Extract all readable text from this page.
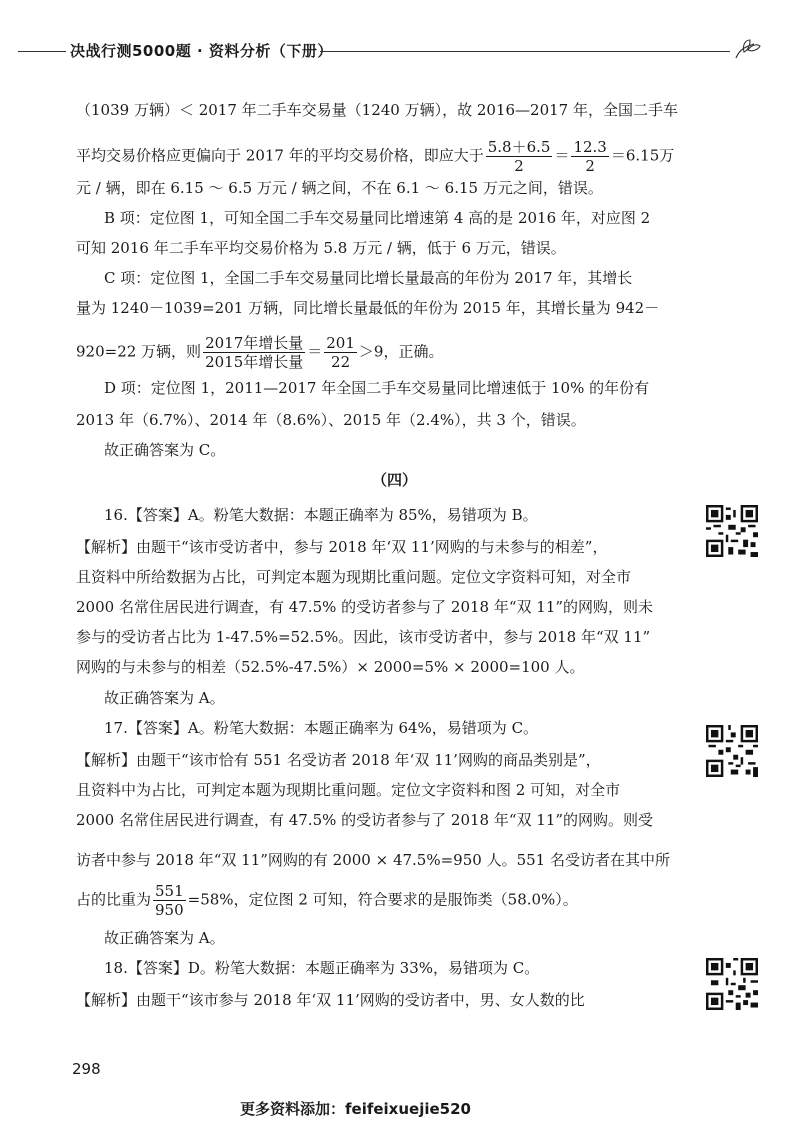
决战行测5000题 · 资料分析（下册）
（1039 万辆）＜ 2017 年二手车交易量（1240 万辆），故 2016—2017 年，全国二手车
平均交易价格应更偏向于 2017 年的平均交易价格，即应大于 $\frac{5.8+6.5}{2} = \frac{12.3}{2} =6.15$万
元 / 辆，即在 6.15 ～ 6.5 万元 / 辆之间，不在 6.1 ～ 6.15 万元之间，错误。
B 项：定位图 1，可知全国二手车交易量同比增速第 4 高的是 2016 年，对应图 2
可知 2016 年二手车平均交易价格为 5.8 万元 / 辆，低于 6 万元，错误。
C 项：定位图 1，全国二手车交易量同比增长量最高的年份为 2017 年，其增长
量为 1240－1039=201 万辆，同比增长量最低的年份为 2015 年，其增长量为 942－
920=22 万辆，则 $\frac{\text{2017年增长量}}{\text{2015年增长量}} = \frac{201}{22} >9$，正确。
D 项：定位图 1，2011—2017 年全国二手车交易量同比增速低于 10% 的年份有
2013 年（6.7%）、2014 年（8.6%）、2015 年（2.4%），共 3 个，错误。
故正确答案为 C。
（四）
16.【答案】A。粉笔大数据：本题正确率为 85%，易错项为 B。
【解析】由题干“该市受访者中，参与 2018 年‘双 11’网购的与未参与的相差”，
且资料中所给数据为占比，可判定本题为现期比重问题。定位文字资料可知，对全市
2000 名常住居民进行调查，有 47.5% 的受访者参与了 2018 年“双 11”的网购，则未
参与的受访者占比为 1-47.5%=52.5%。因此，该市受访者中，参与 2018 年“双 11”
网购的与未参与的相差（52.5%-47.5%）× 2000=5% × 2000=100 人。
故正确答案为 A。
17.【答案】A。粉笔大数据：本题正确率为 64%，易错项为 C。
【解析】由题干“该市恰有 551 名受访者 2018 年‘双 11’网购的商品类别是”，
且资料中为占比，可判定本题为现期比重问题。定位文字资料和图 2 可知，对全市
2000 名常住居民进行调查，有 47.5% 的受访者参与了 2018 年“双 11”的网购。则受
访者中参与 2018 年“双 11”网购的有 2000 × 47.5%=950 人。551 名受访者在其中所
占的比重为 $\frac{551}{950} =58\%$，定位图 2 可知，符合要求的是服饰类（58.0%）。
故正确答案为 A。
18.【答案】D。粉笔大数据：本题正确率为 33%，易错项为 C。
【解析】由题干“该市参与 2018 年‘双 11’网购的受访者中，男、女人数的比
298
更多资料添加：feifeixuejie520
